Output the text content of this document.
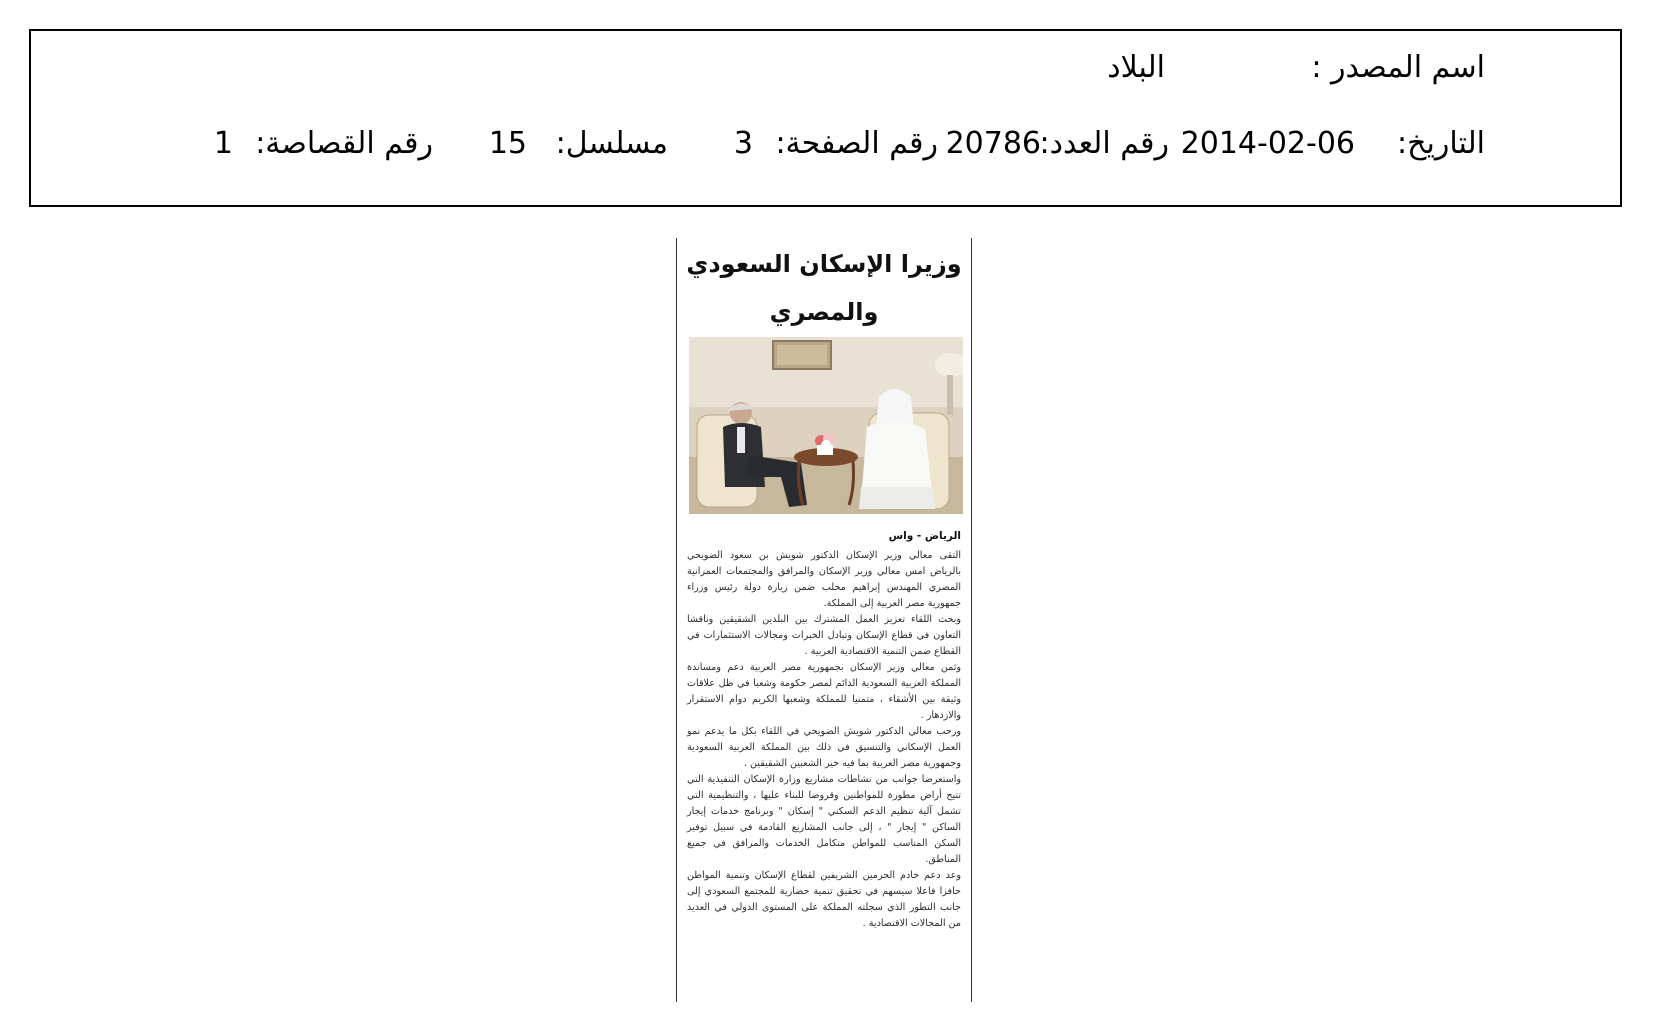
اسم المصدر :
البلاد
التاريخ:
2014-02-06
رقم العدد:
20786
رقم الصفحة:
3
مسلسل:
15
رقم القصاصة:
1
وزيرا الإسكان السعودي والمصري
الرياض - واس

التقى معالي وزير الإسكان الدكتور شويش بن سعود الضويحي بالرياض امس معالي وزير الإسكان والمرافق والمجتمعات العمرانية المصري المهندس إبراهيم محلب ضمن زيارة دولة رئيس وزراء جمهورية مصر العربية إلى المملكة.

وبحث اللقاء تعزيز العمل المشترك بين البلدين الشقيقين وناقشا التعاون في قطاع الإسكان وتبادل الخبرات ومجالات الاستثمارات في القطاع ضمن التنمية الاقتصادية العربية .

وثمن معالي وزير الإسكان بجمهورية مصر العربية دعم ومساندة المملكة العربية السعودية الدائم لمصر حكومة وشعبا في ظل علاقات وثيقة بين الأشقاء ، متمنيا للمملكة وشعبها الكريم دوام الاستقرار والازدهار .

ورحب معالي الدكتور شويش الضويحي في اللقاء بكل ما يدعم نمو العمل الإسكاني والتنسيق في ذلك بين المملكة العربية السعودية وجمهورية مصر العربية بما فيه خير الشعبين الشقيقين .

واستعرضا جوانب من نشاطات مشاريع وزارة الإسكان التنفيذية التي تتيح أراض مطورة للمواطنين وقروضا للبناء عليها ، والتنظيمية التي تشمل آلية تنظيم الدعم السكني " إسكان " وبرنامج خدمات إيجار الساكن " إيجار " ، إلى جانب المشاريع القادمة في سبيل توفير السكن المناسب للمواطن متكامل الخدمات والمرافق في جميع المناطق.

وعد دعم خادم الحرمين الشريفين لقطاع الإسكان وتنمية المواطن حافزا فاعلا سيسهم في تحقيق تنمية حضارية للمجتمع السعودي إلى جانب التطور الذي سجلته المملكة على المستوى الدولي في العديد من المجالات الاقتصادية .
